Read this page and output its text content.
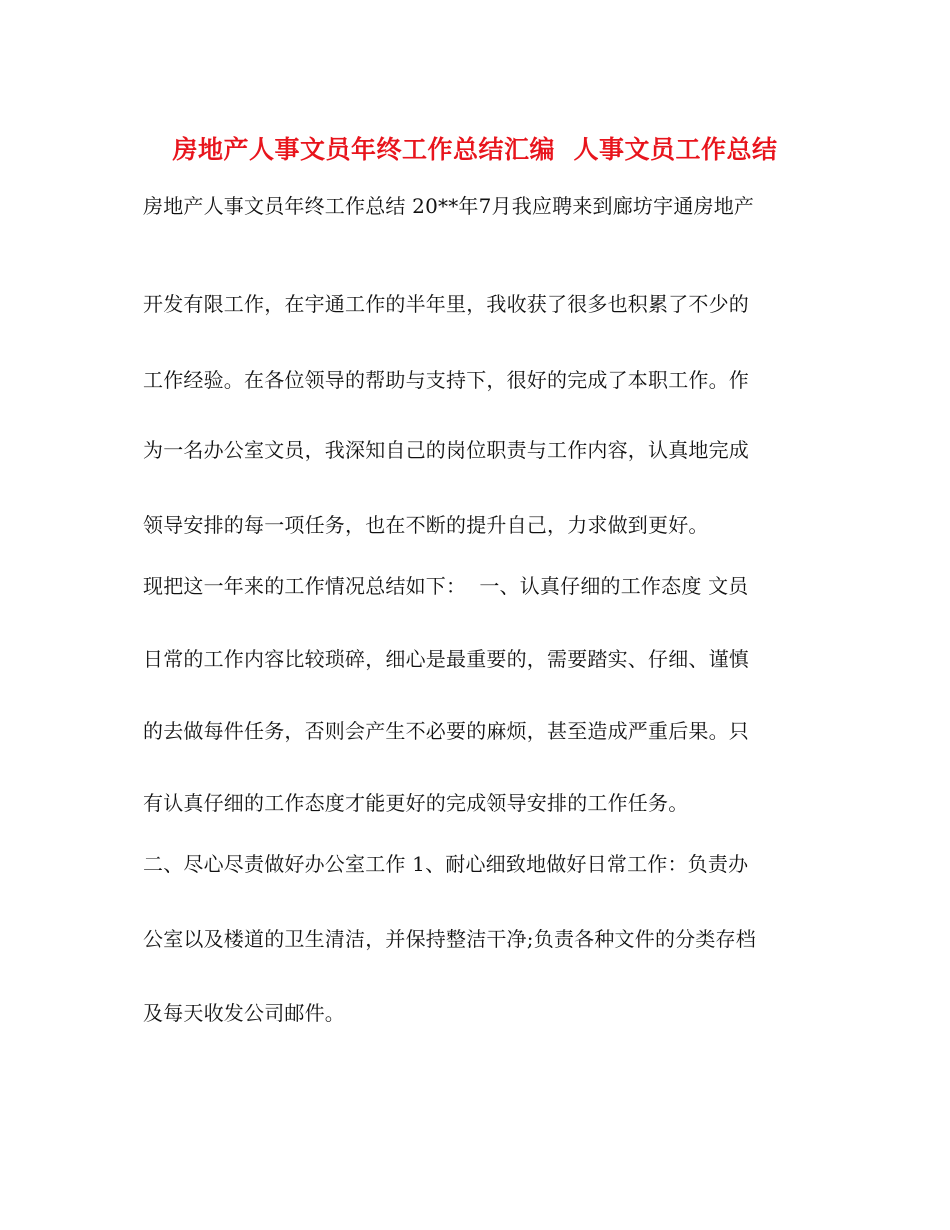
房地产人事文员年终工作总结汇编  人事文员工作总结
房地产人事文员年终工作总结 20**年7月我应聘来到廊坊宇通房地产
开发有限工作，在宇通工作的半年里，我收获了很多也积累了不少的
工作经验。在各位领导的帮助与支持下，很好的完成了本职工作。作
为一名办公室文员，我深知自己的岗位职责与工作内容，认真地完成
领导安排的每一项任务，也在不断的提升自己，力求做到更好。
现把这一年来的工作情况总结如下：  一、认真仔细的工作态度 文员
日常的工作内容比较琐碎，细心是最重要的，需要踏实、仔细、谨慎
的去做每件任务，否则会产生不必要的麻烦，甚至造成严重后果。只
有认真仔细的工作态度才能更好的完成领导安排的工作任务。
二、尽心尽责做好办公室工作 1、耐心细致地做好日常工作：负责办
公室以及楼道的卫生清洁，并保持整洁干净;负责各种文件的分类存档
及每天收发公司邮件。
